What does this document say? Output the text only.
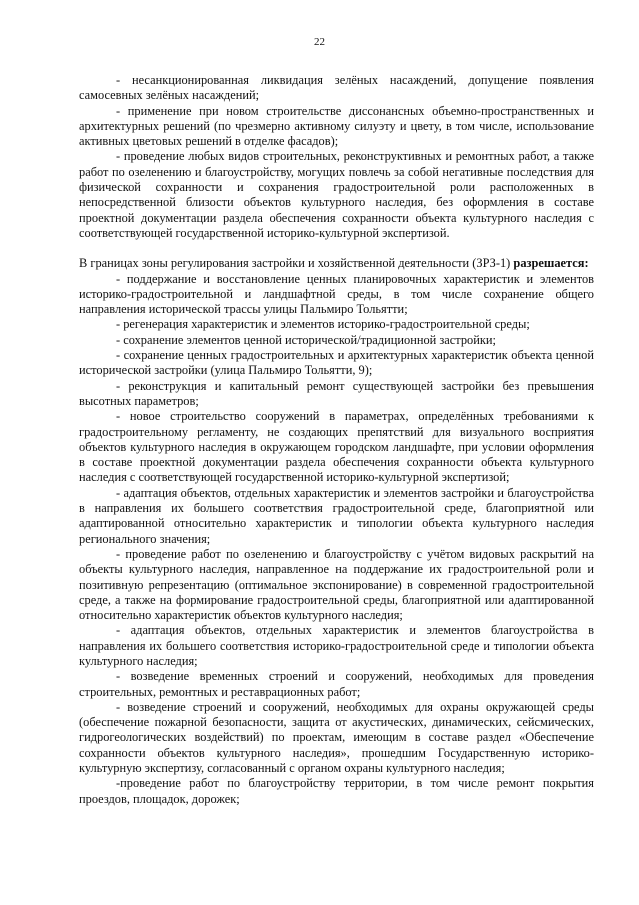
22

- несанкционированная ликвидация зелёных насаждений, допущение появления самосевных зелёных насаждений;

- применение при новом строительстве диссонансных объемно-пространственных и архитектурных решений (по чрезмерно активному силуэту и цвету, в том числе, использование активных цветовых решений в отделке фасадов);

- проведение любых видов строительных, реконструктивных и ремонтных работ, а также работ по озеленению и благоустройству, могущих повлечь за собой негативные последствия для физической сохранности и сохранения градостроительной роли расположенных в непосредственной близости объектов культурного наследия, без оформления в составе проектной документации раздела обеспечения сохранности объекта культурного наследия с соответствующей государственной историко-культурной экспертизой.

В границах зоны регулирования застройки и хозяйственной деятельности (ЗРЗ-1) разрешается:

- поддержание и восстановление ценных планировочных характеристик и элементов историко-градостроительной и ландшафтной среды, в том числе сохранение общего направления исторической трассы улицы Пальмиро Тольятти;

- регенерация характеристик и элементов историко-градостроительной среды;

- сохранение элементов ценной исторической/традиционной застройки;

- сохранение ценных градостроительных и архитектурных характеристик объекта ценной исторической застройки (улица Пальмиро Тольятти, 9);

- реконструкция и капитальный ремонт существующей застройки без превышения высотных параметров;

- новое строительство сооружений в параметрах, определённых требованиями к градостроительному регламенту, не создающих препятствий для визуального восприятия объектов культурного наследия в окружающем городском ландшафте, при условии оформления в составе проектной документации раздела обеспечения сохранности объекта культурного наследия с соответствующей государственной историко-культурной экспертизой;

- адаптация объектов, отдельных характеристик и элементов застройки и благоустройства в направления их большего соответствия градостроительной среде, благоприятной или адаптированной относительно характеристик и типологии объекта культурного наследия регионального значения;

- проведение работ по озеленению и благоустройству с учётом видовых раскрытий на объекты культурного наследия, направленное на поддержание их градостроительной роли и позитивную репрезентацию (оптимальное экспонирование) в современной градостроительной среде, а также на формирование градостроительной среды, благоприятной или адаптированной относительно характеристик объектов культурного наследия;

- адаптация объектов, отдельных характеристик и элементов благоустройства в направления их большего соответствия историко-градостроительной среде и типологии объекта культурного наследия;

- возведение временных строений и сооружений, необходимых для проведения строительных, ремонтных и реставрационных работ;

- возведение строений и сооружений, необходимых для охраны окружающей среды (обеспечение пожарной безопасности, защита от акустических, динамических, сейсмических, гидрогеологических воздействий) по проектам, имеющим в составе раздел «Обеспечение сохранности объектов культурного наследия», прошедшим Государственную историко-культурную экспертизу, согласованный с органом охраны культурного наследия;

-проведение работ по благоустройству территории, в том числе ремонт покрытия проездов, площадок, дорожек;
